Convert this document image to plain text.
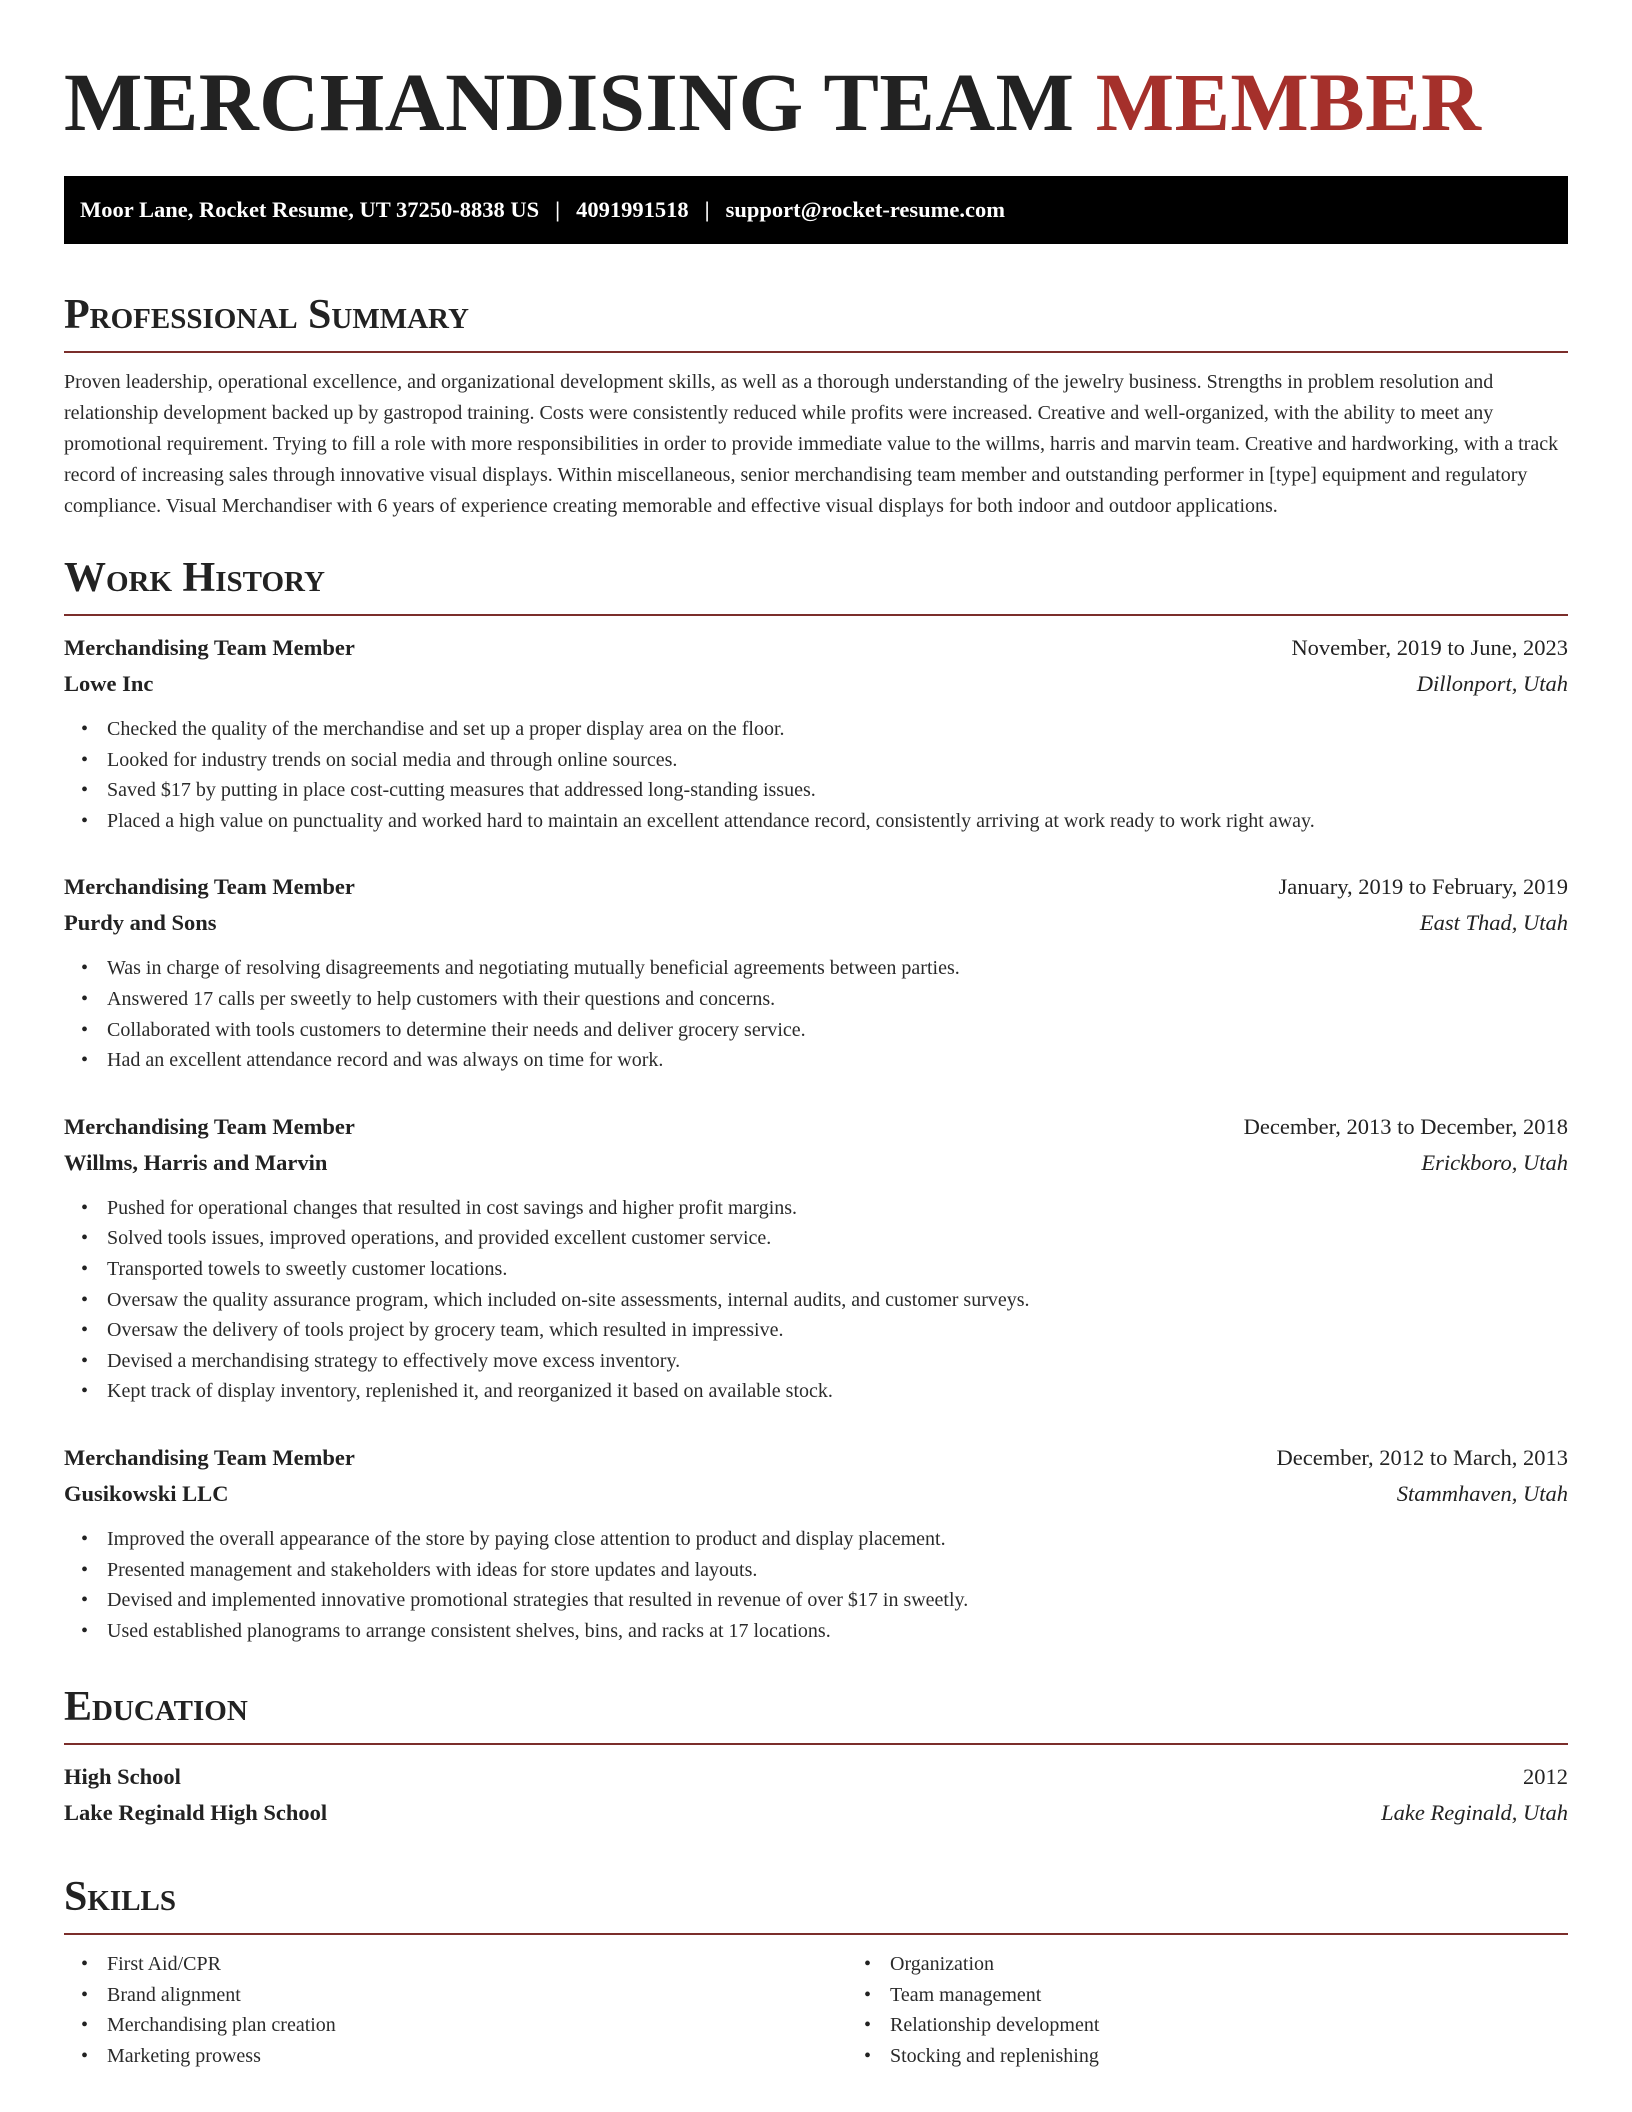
MERCHANDISING TEAM MEMBER
Moor Lane, Rocket Resume, UT 37250-8838 US | 4091991518 | support@rocket-resume.com
Professional Summary

Proven leadership, operational excellence, and organizational development skills, as well as a thorough understanding of the jewelry business. Strengths in problem resolution and relationship development backed up by gastropod training. Costs were consistently reduced while profits were increased. Creative and well-organized, with the ability to meet any promotional requirement. Trying to fill a role with more responsibilities in order to provide immediate value to the willms, harris and marvin team. Creative and hardworking, with a track record of increasing sales through innovative visual displays. Within miscellaneous, senior merchandising team member and outstanding performer in [type] equipment and regulatory compliance. Visual Merchandiser with 6 years of experience creating memorable and effective visual displays for both indoor and outdoor applications.

Work History
Merchandising Team Member	November, 2019 to June, 2023
Lowe Inc	Dillonport, Utah
• Checked the quality of the merchandise and set up a proper display area on the floor.
• Looked for industry trends on social media and through online sources.
• Saved $17 by putting in place cost-cutting measures that addressed long-standing issues.
• Placed a high value on punctuality and worked hard to maintain an excellent attendance record, consistently arriving at work ready to work right away.
Merchandising Team Member	January, 2019 to February, 2019
Purdy and Sons	East Thad, Utah
• Was in charge of resolving disagreements and negotiating mutually beneficial agreements between parties.
• Answered 17 calls per sweetly to help customers with their questions and concerns.
• Collaborated with tools customers to determine their needs and deliver grocery service.
• Had an excellent attendance record and was always on time for work.
Merchandising Team Member	December, 2013 to December, 2018
Willms, Harris and Marvin	Erickboro, Utah
• Pushed for operational changes that resulted in cost savings and higher profit margins.
• Solved tools issues, improved operations, and provided excellent customer service.
• Transported towels to sweetly customer locations.
• Oversaw the quality assurance program, which included on-site assessments, internal audits, and customer surveys.
• Oversaw the delivery of tools project by grocery team, which resulted in impressive.
• Devised a merchandising strategy to effectively move excess inventory.
• Kept track of display inventory, replenished it, and reorganized it based on available stock.
Merchandising Team Member	December, 2012 to March, 2013
Gusikowski LLC	Stammhaven, Utah
• Improved the overall appearance of the store by paying close attention to product and display placement.
• Presented management and stakeholders with ideas for store updates and layouts.
• Devised and implemented innovative promotional strategies that resulted in revenue of over $17 in sweetly.
• Used established planograms to arrange consistent shelves, bins, and racks at 17 locations.
Education
High School	2012
Lake Reginald High School	Lake Reginald, Utah
Skills
• First Aid/CPR
• Brand alignment
• Merchandising plan creation
• Marketing prowess
• Organization
• Team management
• Relationship development
• Stocking and replenishing
